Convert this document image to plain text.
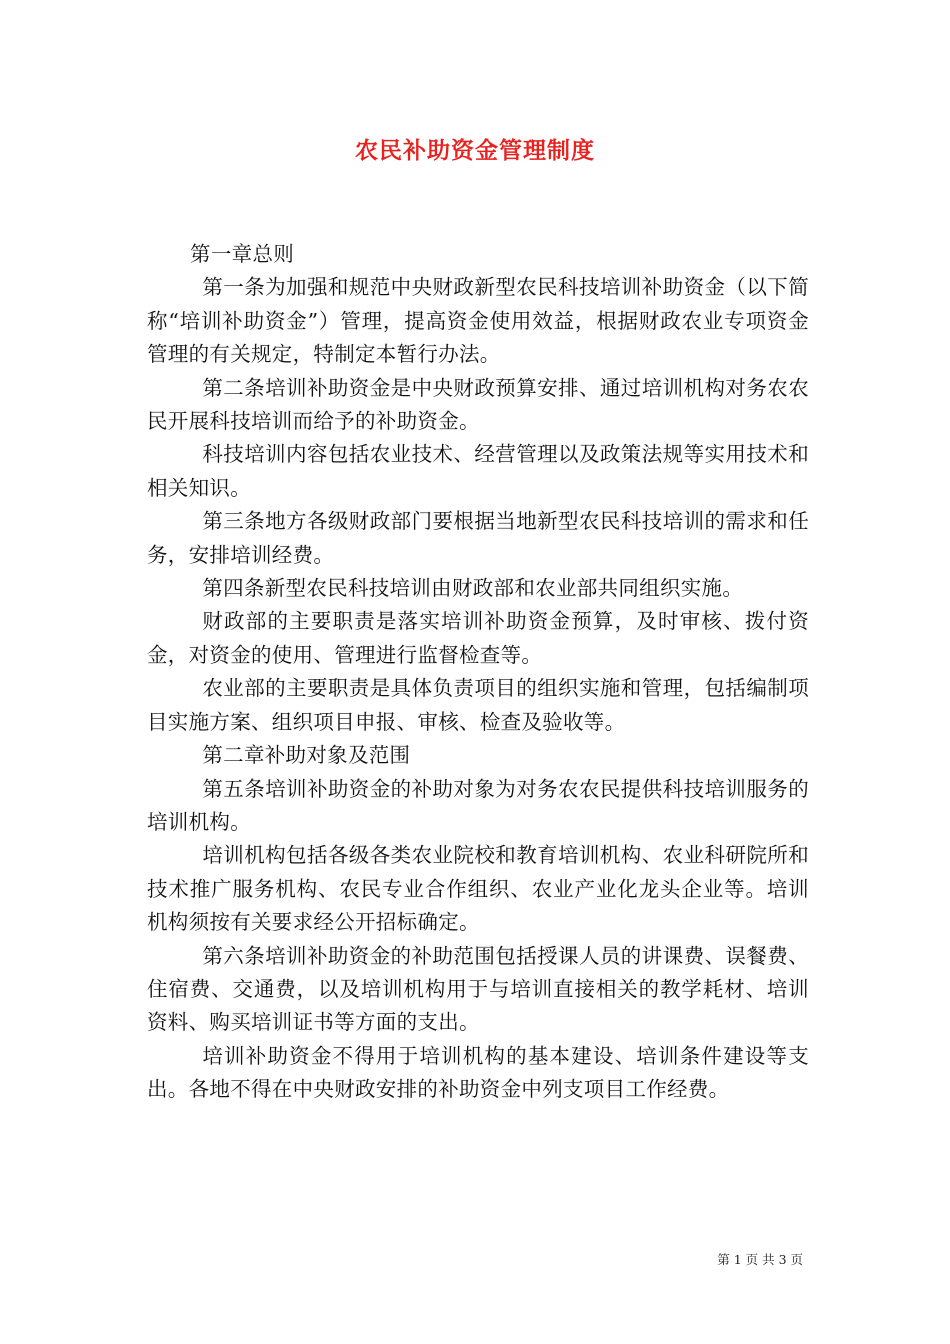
农民补助资金管理制度

第一章总则

第一条为加强和规范中央财政新型农民科技培训补助资金（以下简称“培训补助资金”）管理，提高资金使用效益，根据财政农业专项资金管理的有关规定，特制定本暂行办法。

第二条培训补助资金是中央财政预算安排、通过培训机构对务农农民开展科技培训而给予的补助资金。

科技培训内容包括农业技术、经营管理以及政策法规等实用技术和相关知识。

第三条地方各级财政部门要根据当地新型农民科技培训的需求和任务，安排培训经费。

第四条新型农民科技培训由财政部和农业部共同组织实施。

财政部的主要职责是落实培训补助资金预算，及时审核、拨付资金，对资金的使用、管理进行监督检查等。

农业部的主要职责是具体负责项目的组织实施和管理，包括编制项目实施方案、组织项目申报、审核、检查及验收等。

第二章补助对象及范围

第五条培训补助资金的补助对象为对务农农民提供科技培训服务的培训机构。

培训机构包括各级各类农业院校和教育培训机构、农业科研院所和技术推广服务机构、农民专业合作组织、农业产业化龙头企业等。培训机构须按有关要求经公开招标确定。

第六条培训补助资金的补助范围包括授课人员的讲课费、误餐费、住宿费、交通费，以及培训机构用于与培训直接相关的教学耗材、培训资料、购买培训证书等方面的支出。

培训补助资金不得用于培训机构的基本建设、培训条件建设等支出。各地不得在中央财政安排的补助资金中列支项目工作经费。

第 1 页 共 3 页
